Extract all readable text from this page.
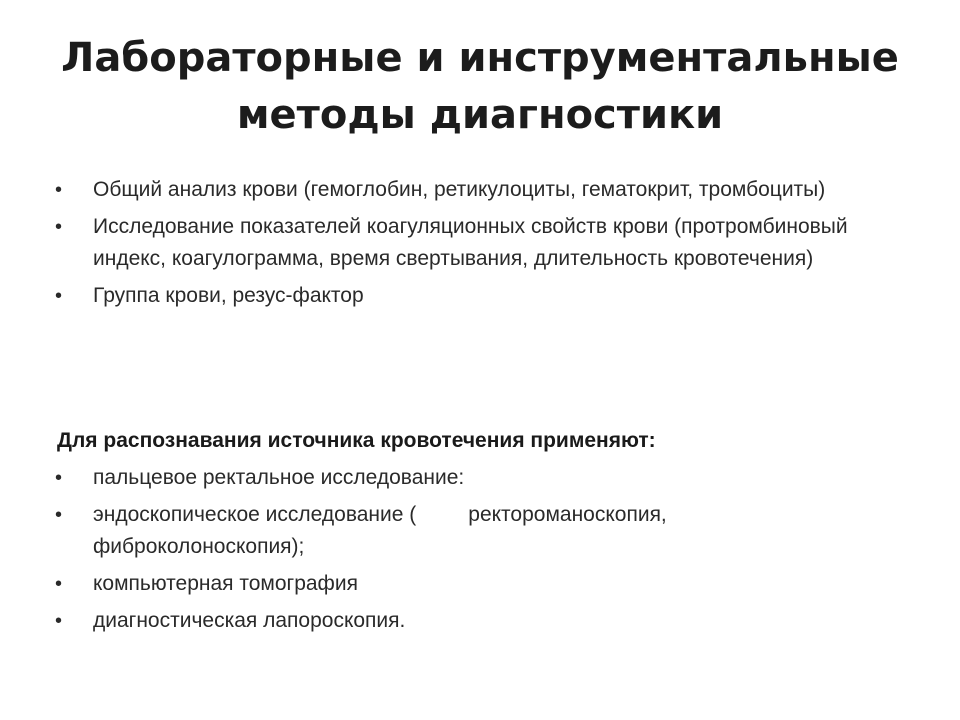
Лабораторные и инструментальные
методы диагностики
•	Общий анализ крови (гемоглобин, ретикулоциты, гематокрит, тромбоциты)
•	Исследование показателей коагуляционных свойств крови (протромбиновый индекс, коагулограмма, время свертывания, длительность кровотечения)
•	Группа крови, резус-фактор

Для распознавания источника кровотечения применяют:

•	пальцевое ректальное исследование:
•	эндоскопическое исследование ( ректороманоскопия, фиброколоноскопия);
•	компьютерная томография
•	диагностическая лапороскопия.
